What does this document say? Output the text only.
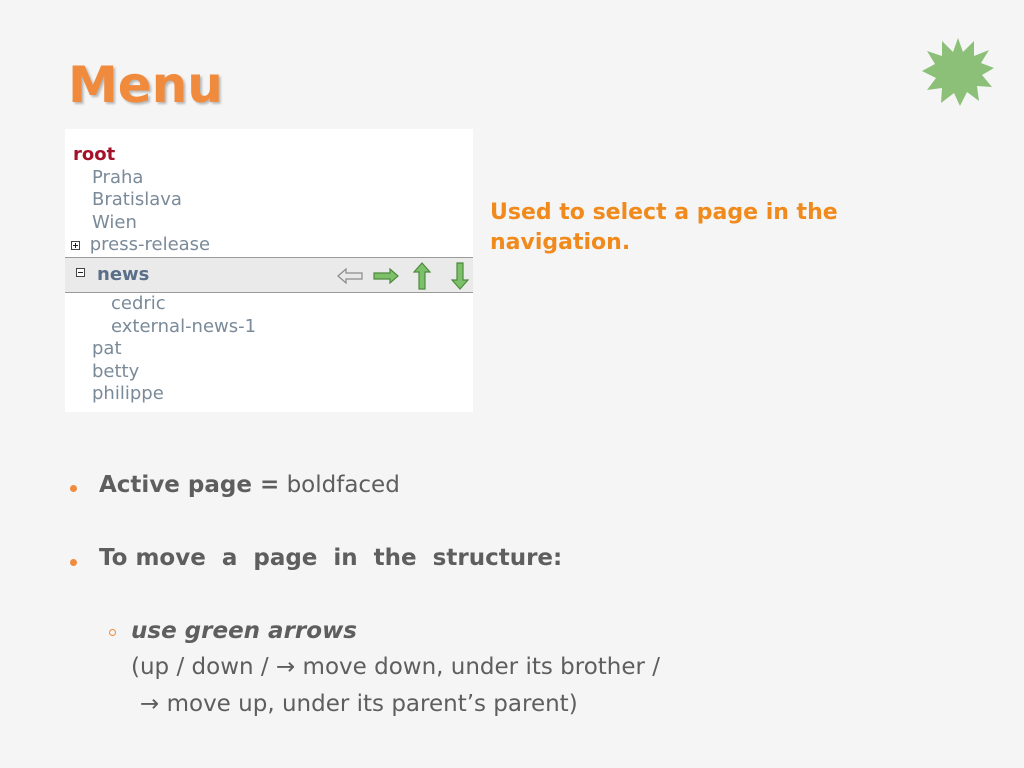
Menu
root
Praha
Bratislava
Wien
press-release
news
cedric
external-news-1
pat
betty
philippe
Used to select a page in the navigation.
Active page = boldfaced
To move  a  page  in  the  structure:
use green arrows
(up / down / → move down, under its brother /
→ move up, under its parent’s parent)
